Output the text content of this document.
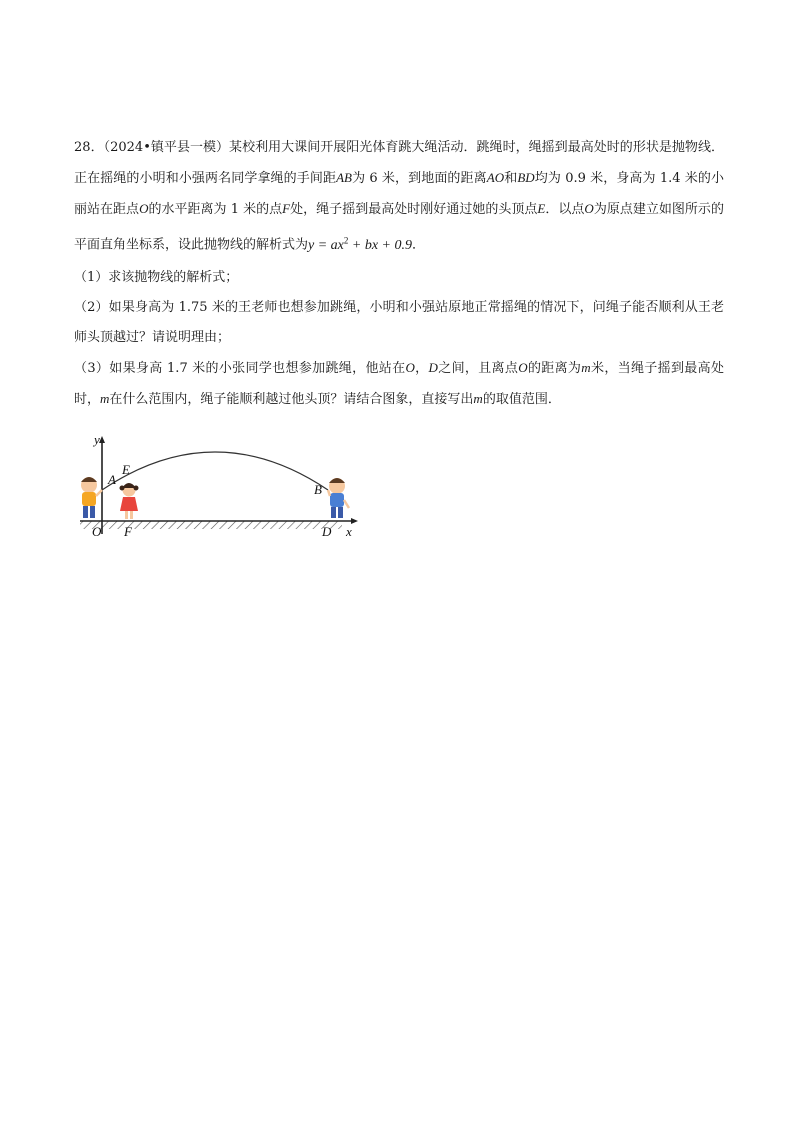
28．（2024•镇平县一模）某校利用大课间开展阳光体育跳大绳活动．跳绳时，绳摇到最高处时的形状是抛物线．正在摇绳的小明和小强两名同学拿绳的手间距AB为 6 米，到地面的距离AO和BD均为 0.9 米，身高为 1.4 米的小丽站在距点O的水平距离为 1 米的点F处，绳子摇到最高处时刚好通过她的头顶点E．以点O为原点建立如图所示的平面直角坐标系，设此抛物线的解析式为$y = ax^2$ + bx + 0.9．

（1）求该抛物线的解析式；

（2）如果身高为 1.75 米的王老师也想参加跳绳，小明和小强站原地正常摇绳的情况下，问绳子能否顺利从王老师头顶越过？请说明理由；

（3）如果身高 1.7 米的小张同学也想参加跳绳，他站在O，D之间，且离点O的距离为m米，当绳子摇到最高处时，m在什么范围内，绳子能顺利越过他头顶？请结合图象，直接写出m的取值范围．

y
x
A
E
B
O F	D
